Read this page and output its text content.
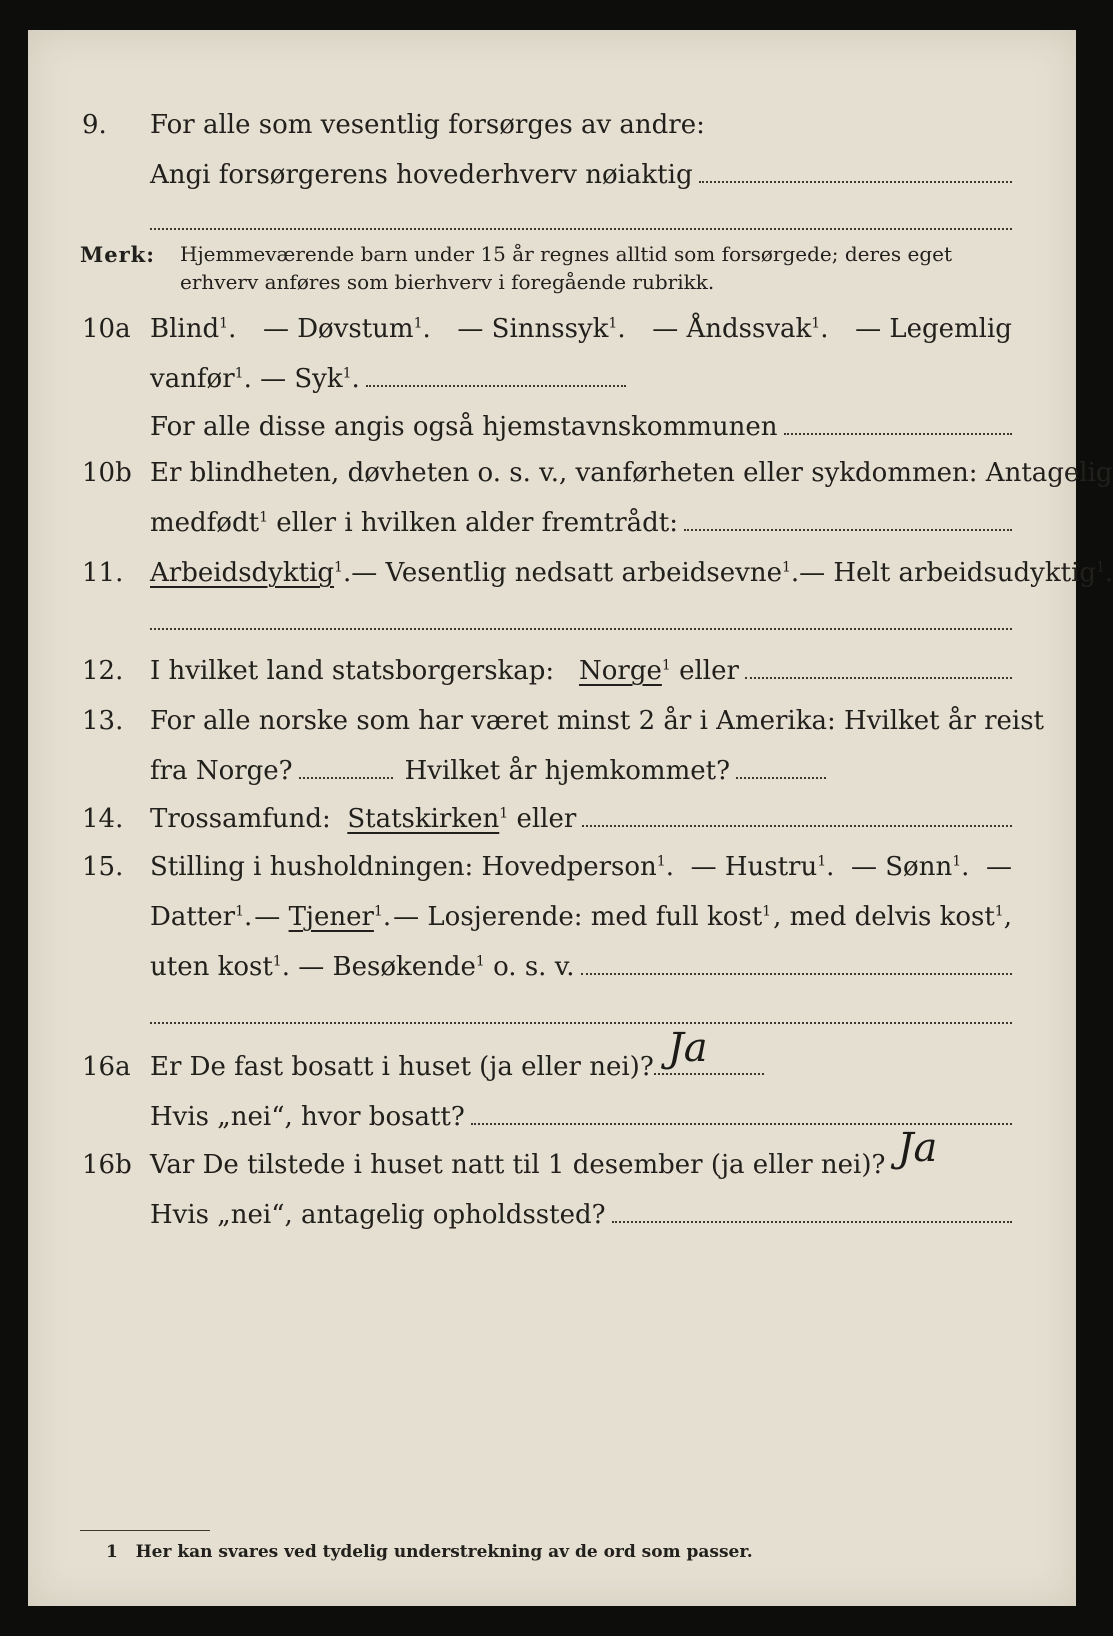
9. For alle som vesentlig forsørges av andre:
Angi forsørgerens hovederhverv nøiaktig
Merk: Hjemmeværende barn under 15 år regnes alltid som forsørgede; deres eget erhverv anføres som bierhverv i foregående rubrikk.
10a Blind$^1$. — Døvstum$^1$. — Sinnssyk$^1$. — Åndssvak$^1$. — Legemlig
vanfør$^1$. — Syk$^1$.
For alle disse angis også hjemstavnskommunen
10b Er blindheten, døvheten o. s. v., vanførheten eller sykdommen: Antagelig
medfødt$^1$ eller i hvilken alder fremtrådt:
11. Arbeidsdyktig$^1$. — Vesentlig nedsatt arbeidsevne$^1$. — Helt arbeidsudyktig$^1$.
12. I hvilket land statsborgerskap:
Norge$^1$ eller
13. For alle norske som har været minst 2 år i Amerika: Hvilket år reist
fra Norge?	Hvilket år hjemkommet?
14. Trossamfund:
Statskirken$^1$ eller
15. Stilling i husholdningen: Hovedperson$^1$. — Hustru$^1$. — Sønn$^1$. —
Datter$^1$. — Tjener$^1$. — Losjerende: med full kost$^1$ , med delvis kost$^1$,
uten kost$^1$. — Besøkende$^1$ o. s. v.
16a Er De fast bosatt i huset (ja eller nei)? Ja
Hvis „nei“, hvor bosatt?
16b Var De tilstede i huset natt til 1 desember (ja eller nei)? Ja
Hvis „nei“, antagelig opholdssted?
1 Her kan svares ved tydelig understrekning av de ord som passer.
